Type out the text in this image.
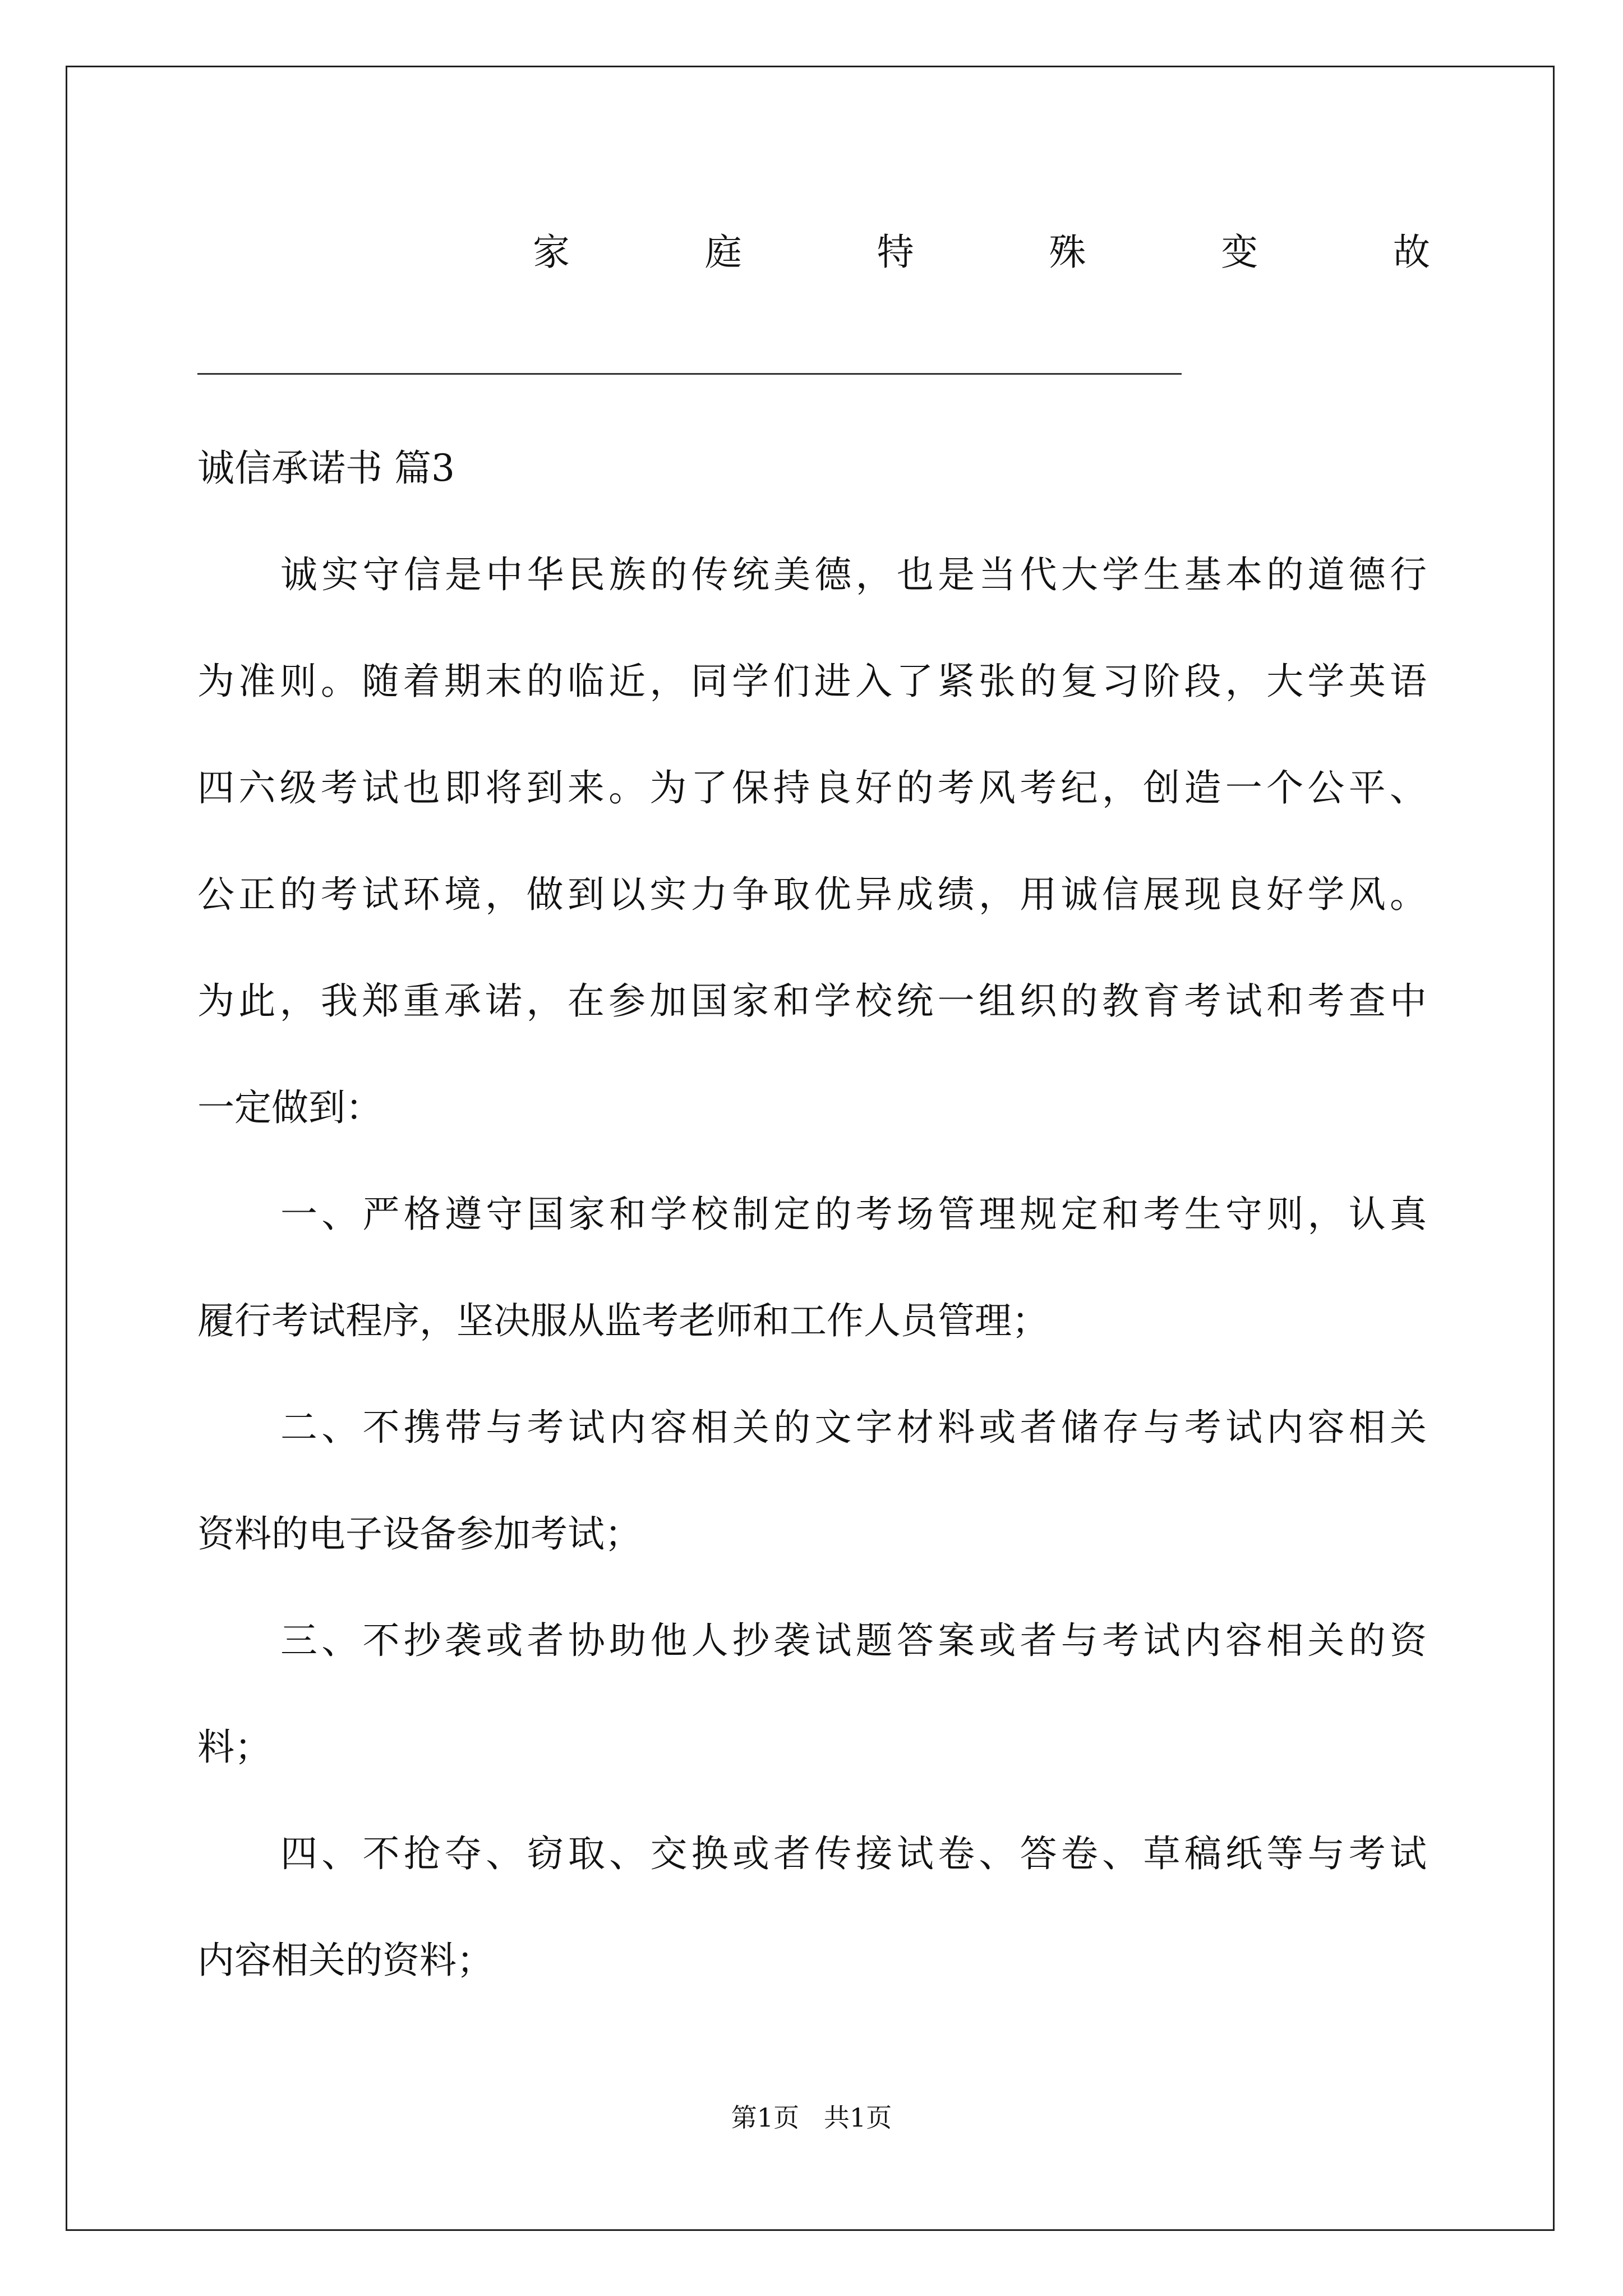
家	庭	特	殊	变	故
诚信承诺书 篇3
诚实守信是中华民族的传统美德，也是当代大学生基本的道德行
为准则。随着期末的临近，同学们进入了紧张的复习阶段，大学英语
四六级考试也即将到来。为了保持良好的考风考纪，创造一个公平、
公正的考试环境，做到以实力争取优异成绩，用诚信展现良好学风。
为此，我郑重承诺，在参加国家和学校统一组织的教育考试和考查中
一定做到：
一、严格遵守国家和学校制定的考场管理规定和考生守则，认真
履行考试程序，坚决服从监考老师和工作人员管理；
二、不携带与考试内容相关的文字材料或者储存与考试内容相关
资料的电子设备参加考试；
三、不抄袭或者协助他人抄袭试题答案或者与考试内容相关的资
料；
四、不抢夺、窃取、交换或者传接试卷、答卷、草稿纸等与考试
内容相关的资料；
第1页   共1页
